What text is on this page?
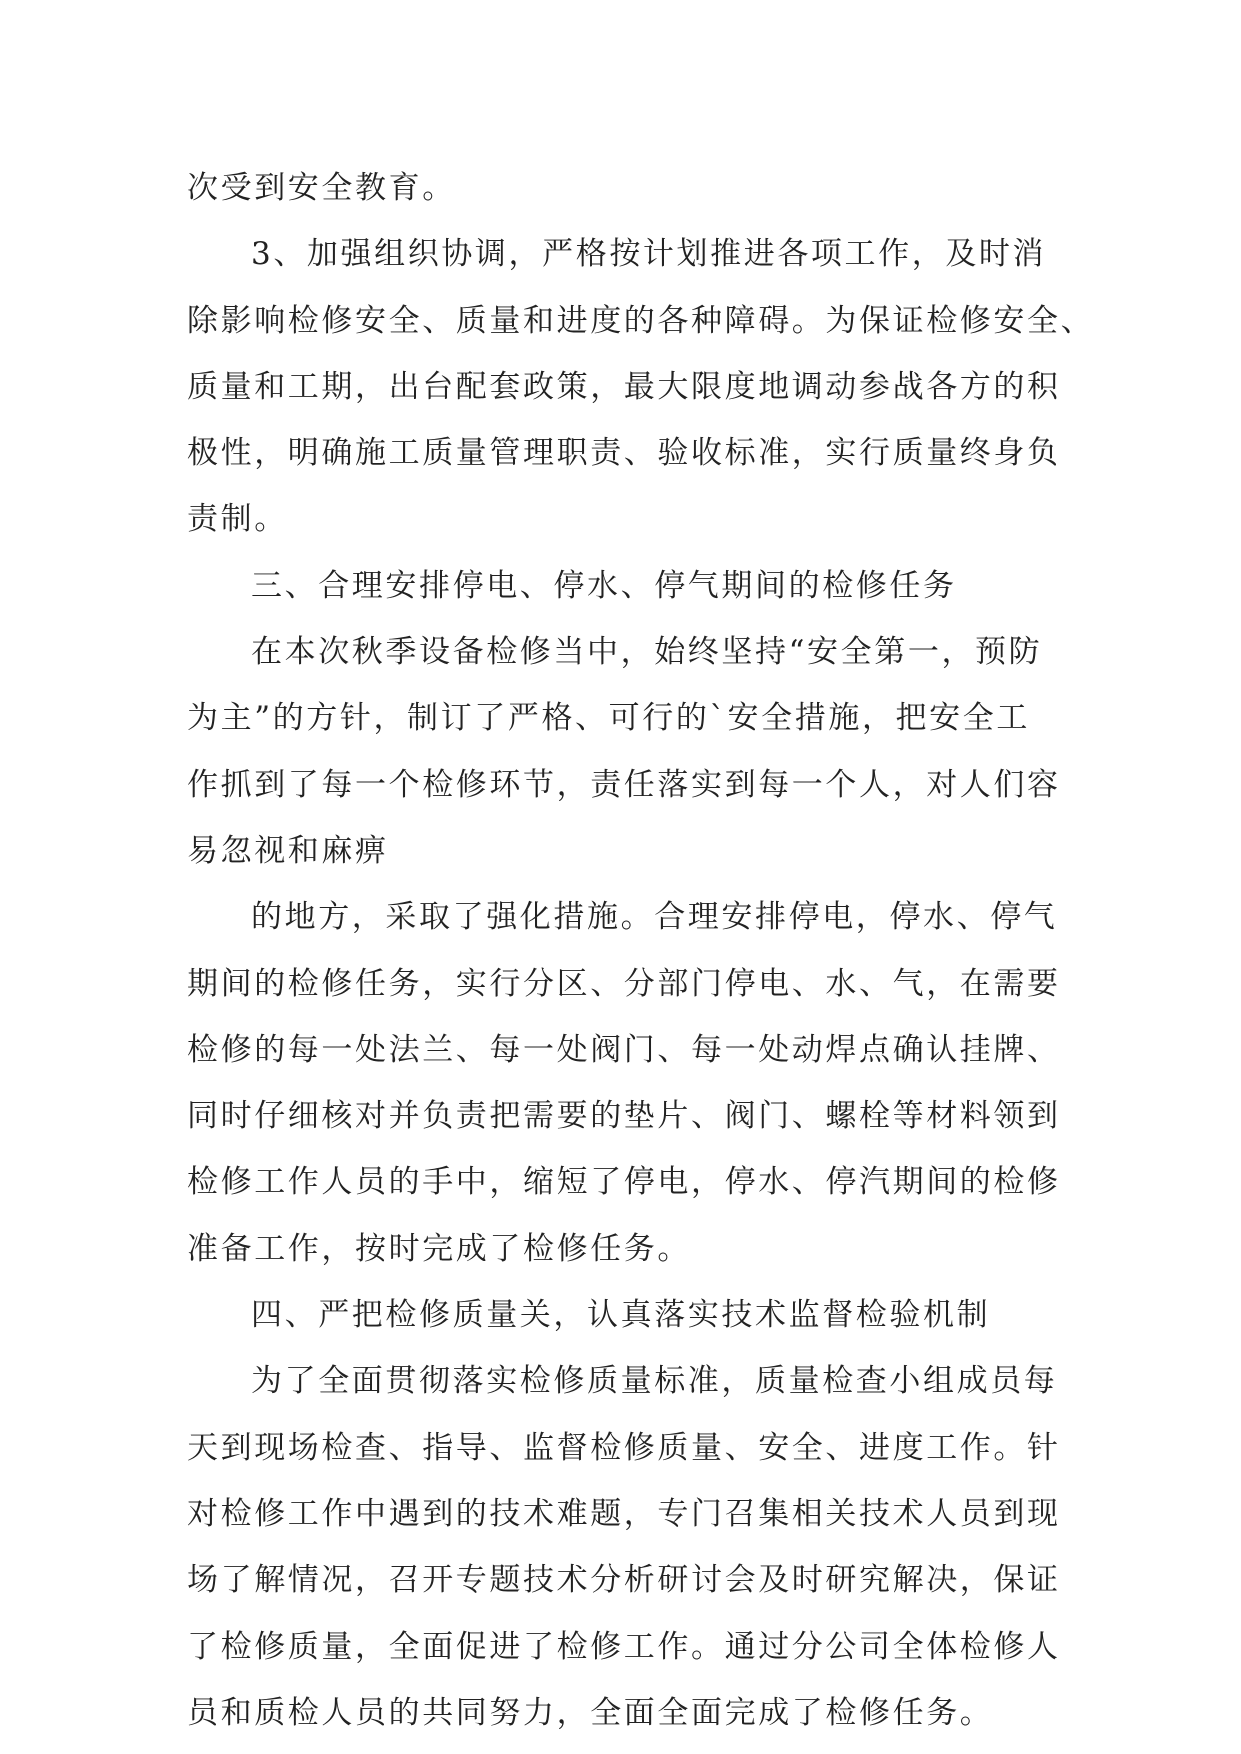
次受到安全教育。
3、加强组织协调，严格按计划推进各项工作，及时消
除影响检修安全、质量和进度的各种障碍。为保证检修安全、
质量和工期，出台配套政策，最大限度地调动参战各方的积
极性，明确施工质量管理职责、验收标准，实行质量终身负
责制。
三、合理安排停电、停水、停气期间的检修任务
在本次秋季设备检修当中，始终坚持“安全第一，预防
为主”的方针，制订了严格、可行的`安全措施，把安全工
作抓到了每一个检修环节，责任落实到每一个人，对人们容
易忽视和麻痹
的地方，采取了强化措施。合理安排停电，停水、停气
期间的检修任务，实行分区、分部门停电、水、气，在需要
检修的每一处法兰、每一处阀门、每一处动焊点确认挂牌、
同时仔细核对并负责把需要的垫片、阀门、螺栓等材料领到
检修工作人员的手中，缩短了停电，停水、停汽期间的检修
准备工作，按时完成了检修任务。
四、严把检修质量关，认真落实技术监督检验机制
为了全面贯彻落实检修质量标准，质量检查小组成员每
天到现场检查、指导、监督检修质量、安全、进度工作。针
对检修工作中遇到的技术难题，专门召集相关技术人员到现
场了解情况，召开专题技术分析研讨会及时研究解决，保证
了检修质量，全面促进了检修工作。通过分公司全体检修人
员和质检人员的共同努力，全面全面完成了检修任务。
